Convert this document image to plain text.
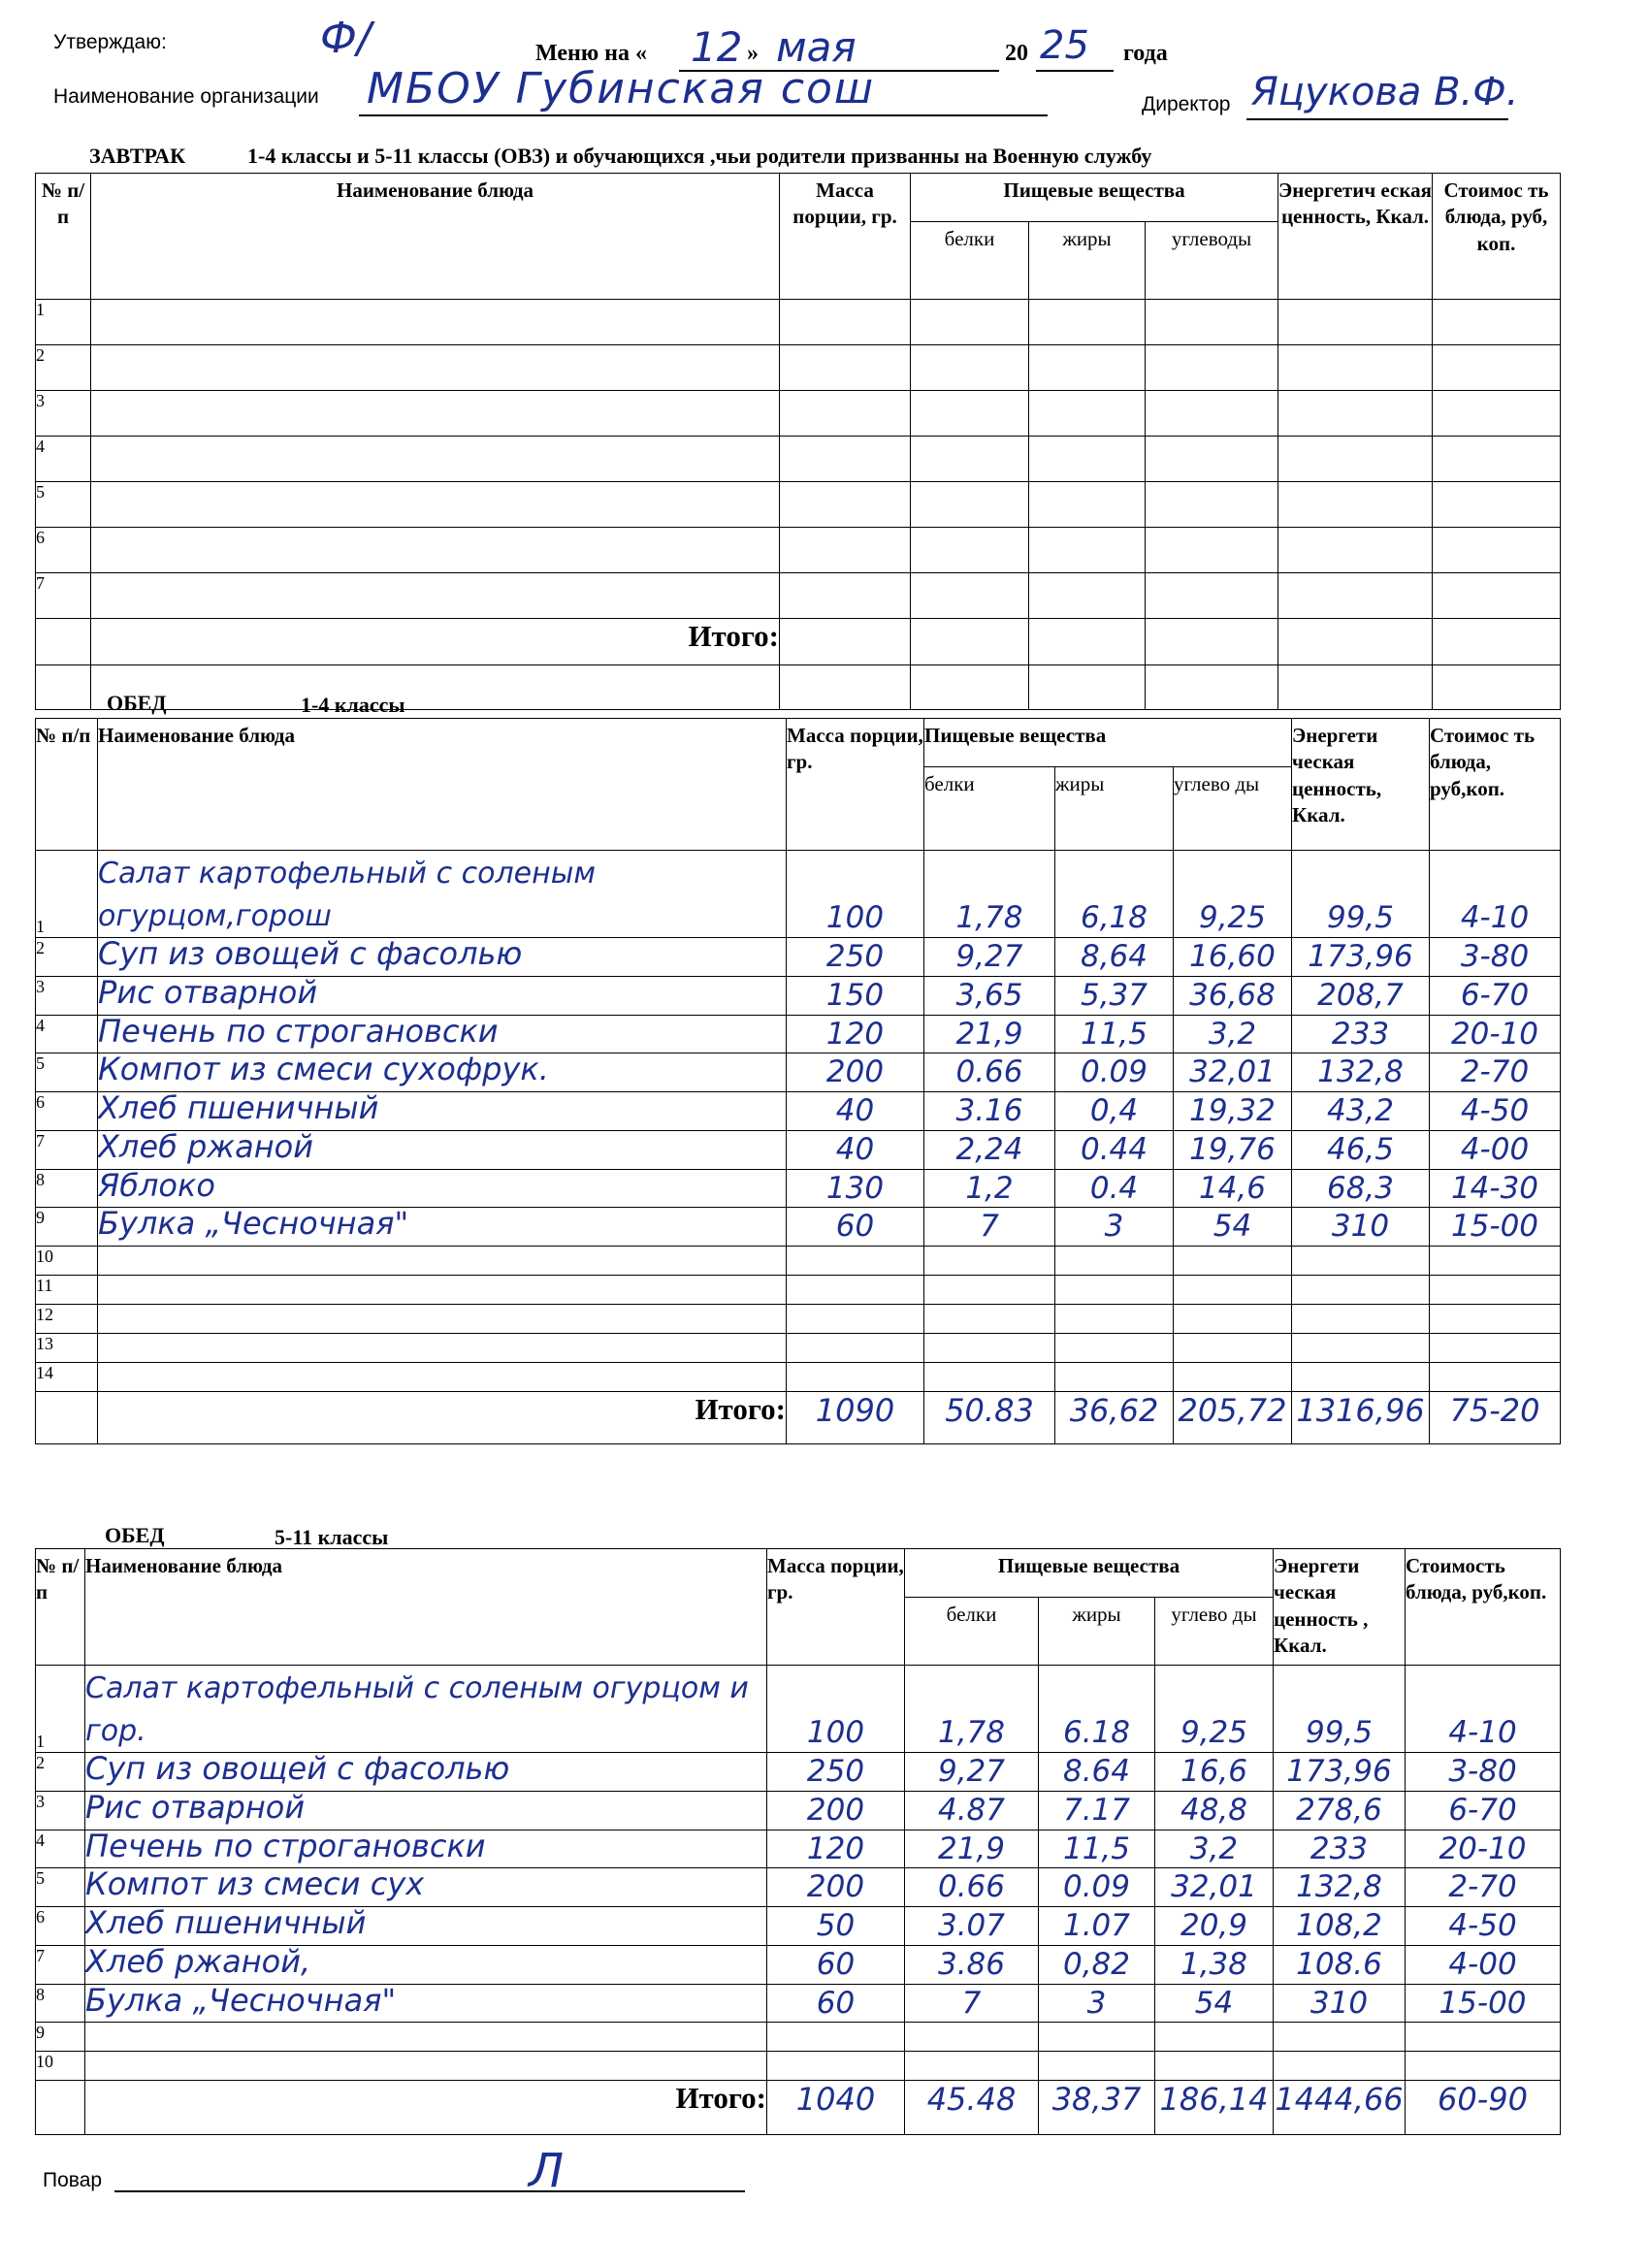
Утверждаю:	Ф/	Меню на « 12 » мая	20 25 года
Наименование организации МБОУ Губинская сош	Директор Яцукова В.Ф.
ЗАВТРАК	1-4 классы и 5-11 классы (ОВЗ) и обучающихся ,чьи родители призванны на Военную службу
№ п/п	Наименование блюда	Масса порции, гр.	Пищевые вещества			Энергетич еская ценность, Ккал.	Стоимос ть блюда, руб, коп.
			белки	жиры	углеводы		
1							
2							
3							
4							
5							
6							
7							
	Итого:						

ОБЕД	1-4 классы
№ п/п	Наименование блюда	Масса порции, гр.	Пищевые вещества			Энергети ческая ценность, Ккал.	Стоимос ть блюда, руб,коп.
			белки	жиры	углево ды		
1	Салат картофельный с соленым огурцом,горош	100	1,78	6,18	9,25	99,5	4-10
2	Суп из овощей с фасолью	250	9,27	8,64	16,60	173,96	3-80
3	Рис отварной	150	3,65	5,37	36,68	208,7	6-70
4	Печень по строгановски	120	21,9	11,5	3,2	233	20-10
5	Компот из смеси сухофрук.	200	0.66	0.09	32,01	132,8	2-70
6	Хлеб пшеничный	40	3.16	0,4	19,32	43,2	4-50
7	Хлеб ржаной	40	2,24	0.44	19,76	46,5	4-00
8	Яблоко	130	1,2	0.4	14,6	68,3	14-30
9	Булка „Чесночная"	60	7	3	54	310	15-00
10							
11							
12							
13							
14							
	Итого:	1090	50.83	36,62	205,72	1316,96	75-20
ОБЕД	5-11 классы
№ п/п	Наименование блюда	Масса порции, гр.	Пищевые вещества			Энергети ческая ценность , Ккал.	Стоимость блюда, руб,коп.
			белки	жиры	углево ды		
1	Салат картофельный с соленым огурцом и гор.	100	1,78	6.18	9,25	99,5	4-10
2	Суп из овощей с фасолью	250	9,27	8.64	16,6	173,96	3-80
3	Рис отварной	200	4.87	7.17	48,8	278,6	6-70
4	Печень по строгановски	120	21,9	11,5	3,2	233	20-10
5	Компот из смеси сух	200	0.66	0.09	32,01	132,8	2-70
6	Хлеб пшеничный	50	3.07	1.07	20,9	108,2	4-50
7	Хлеб ржаной,	60	3.86	0,82	1,38	108.6	4-00
8	Булка „Чесночная"	60	7	3	54	310	15-00
9							
10							
	Итого:	1040	45.48	38,37	186,14	1444,66	60-90
Повар	Л
